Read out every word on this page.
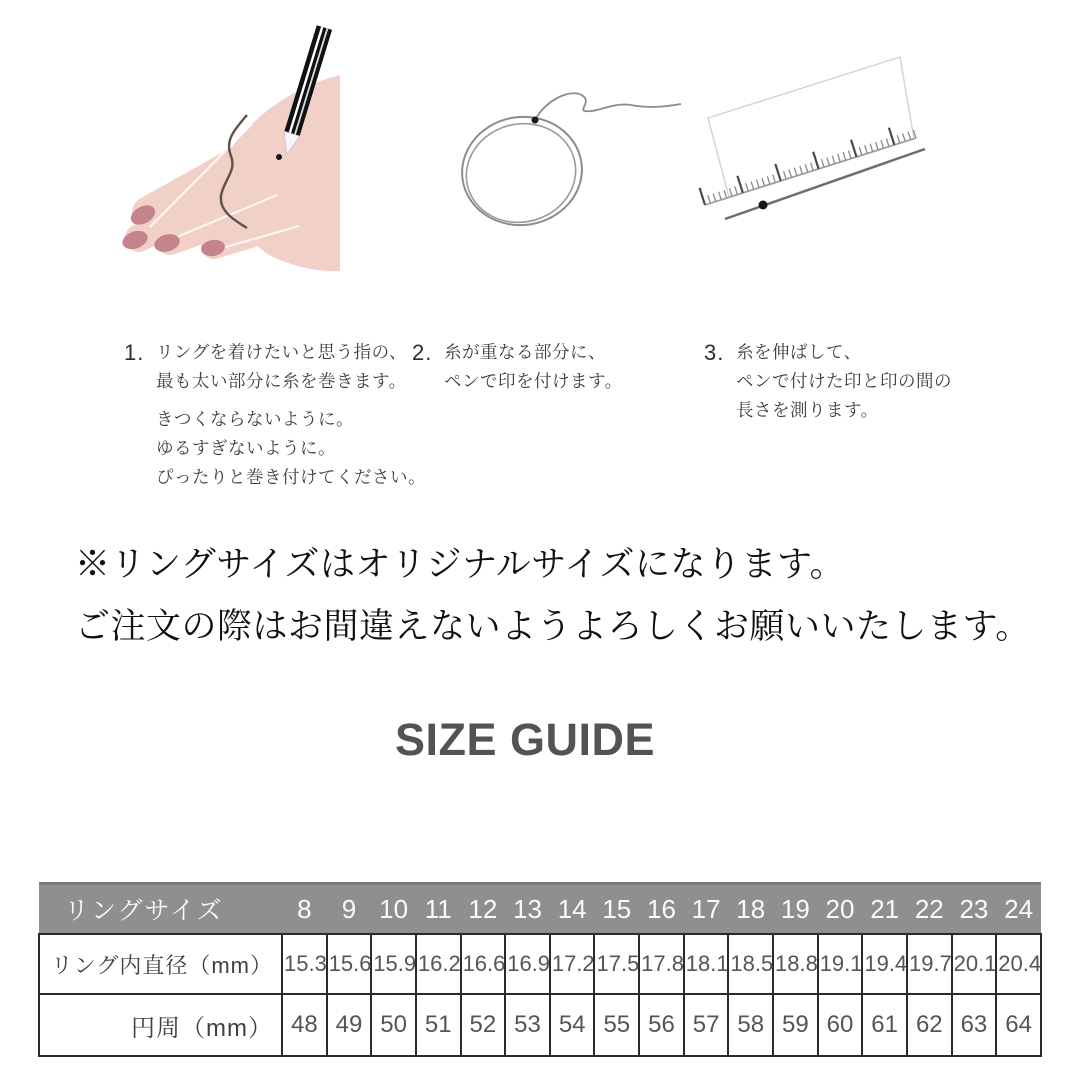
1. リングを着けたいと思う指の、
最も太い部分に糸を巻きます。
きつくならないように。
ゆるすぎないように。
ぴったりと巻き付けてください。
2. 糸が重なる部分に、
ペンで印を付けます。
3. 糸を伸ばして、
ペンで付けた印と印の間の
長さを測ります。
※リングサイズはオリジナルサイズになります。
ご注文の際はお間違えないようよろしくお願いいたします。
SIZE GUIDE
リングサイズ	8	9	10	11	12	13	14	15	16	17	18	19	20	21	22	23	24
リング内直径（mm）	15.3	15.6	15.9	16.2	16.6	16.9	17.2	17.5	17.8	18.1	18.5	18.8	19.1	19.4	19.7	20.1	20.4
円周（mm）	48	49	50	51	52	53	54	55	56	57	58	59	60	61	62	63	64
